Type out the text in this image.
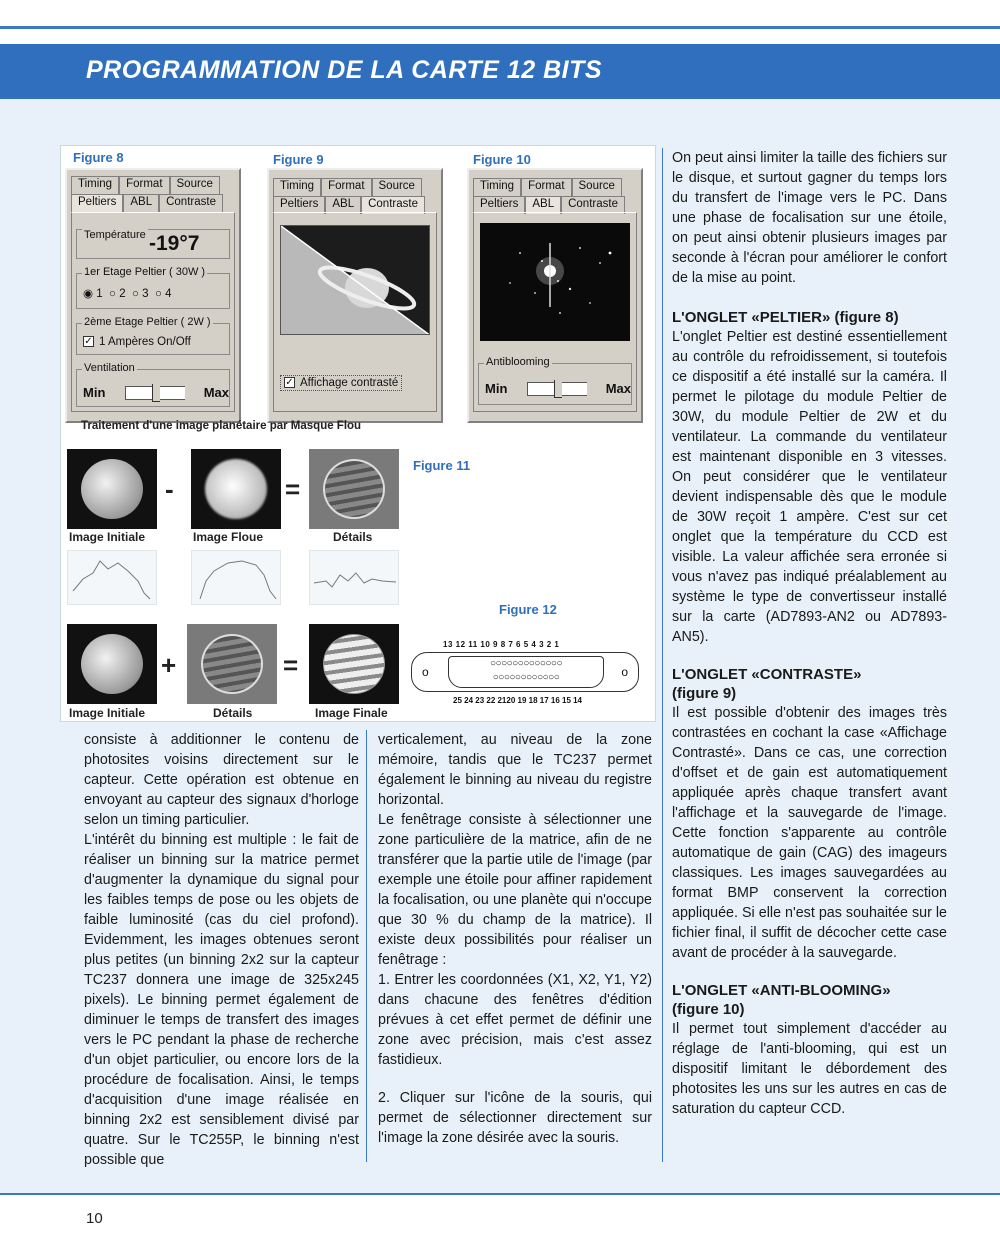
PROGRAMMATION DE LA CARTE 12 BITS
Figure 8
Timing	Format	Source
Peltiers	ABL	Contraste
Température -19°7
1er Etage Peltier ( 30W )
◉ 1 ○ 2 ○ 3 ○ 4
2ème Etage Peltier ( 2W )
✓ 1 Ampères On/Off
Ventilation
Min	Max
Figure 9
Timing	Format	Source
Peltiers	ABL	Contraste
✓ Affichage contrasté
Figure 10
Timing	Format	Source
Peltiers	ABL	Contraste
Antiblooming
Min	Max
Traitement d'une image planétaire par Masque Flou
Figure 11
-	=
Image Initiale	Image Floue	Détails
+	=
Image Initiale	Détails	Image Finale
Figure 12
13 12 11 10 9 8 7 6 5 4 3 2 1
o	o
○○○○○○○○○○○○○
○○○○○○○○○○○○
25 24 23 22 2120 19 18 17 16 15 14

consiste à additionner le contenu de photosites voisins directement sur le capteur. Cette opération est obtenue en envoyant au capteur des signaux d'horloge selon un timing particulier.

L'intérêt du binning est multiple : le fait de réaliser un binning sur la matrice permet d'augmenter la dynamique du signal pour les faibles temps de pose ou les objets de faible luminosité (cas du ciel profond). Evidemment, les images obtenues seront plus petites (un binning 2x2 sur la capteur TC237 donnera une image de 325x245 pixels). Le binning permet également de diminuer le temps de transfert des images vers le PC pendant la phase de recherche d'un objet particulier, ou encore lors de la procédure de focalisation. Ainsi, le temps d'acquisition d'une image réalisée en binning 2x2 est sensiblement divisé par quatre. Sur le TC255P, le binning n'est possible que

verticalement, au niveau de la zone mémoire, tandis que le TC237 permet également le binning au niveau du registre horizontal.

Le fenêtrage consiste à sélectionner une zone particulière de la matrice, afin de ne transférer que la partie utile de l'image (par exemple une étoile pour affiner rapidement la focalisation, ou une planète qui n'occupe que 30 % du champ de la matrice). Il existe deux possibilités pour réaliser un fenêtrage :

1. Entrer les coordonnées (X1, X2, Y1, Y2) dans chacune des fenêtres d'édition prévues à cet effet permet de définir une zone avec précision, mais c'est assez fastidieux.

2. Cliquer sur l'icône de la souris, qui permet de sélectionner directement sur l'image la zone désirée avec la souris.

On peut ainsi limiter la taille des fichiers sur le disque, et surtout gagner du temps lors du transfert de l'image vers le PC. Dans une phase de focalisation sur une étoile, on peut ainsi obtenir plusieurs images par seconde à l'écran pour améliorer le confort de la mise au point.

L'ONGLET «PELTIER» (figure 8)

L'onglet Peltier est destiné essentiellement au contrôle du refroidissement, si toutefois ce dispositif a été installé sur la caméra. Il permet le pilotage du module Peltier de 30W, du module Peltier de 2W et du ventilateur. La commande du ventilateur est maintenant disponible en 3 vitesses. On peut considérer que le ventilateur devient indispensable dès que le module de 30W reçoit 1 ampère. C'est sur cet onglet que la température du CCD est visible. La valeur affichée sera erronée si vous n'avez pas indiqué préalablement au système le type de convertisseur installé sur la carte (AD7893-AN2 ou AD7893-AN5).

L'ONGLET «CONTRASTE» (figure 9)

Il est possible d'obtenir des images très contrastées en cochant la case «Affichage Contrasté». Dans ce cas, une correction d'offset et de gain est automatiquement appliquée après chaque transfert avant l'affichage et la sauvegarde de l'image. Cette fonction s'apparente au contrôle automatique de gain (CAG) des imageurs classiques. Les images sauvegardées au format BMP conservent la correction appliquée. Si elle n'est pas souhaitée sur le fichier final, il suffit de décocher cette case avant de procéder à la sauvegarde.

L'ONGLET «ANTI-BLOOMING» (figure 10)

Il permet tout simplement d'accéder au réglage de l'anti-blooming, qui est un dispositif limitant le débordement des photosites les uns sur les autres en cas de saturation du capteur CCD.

10
